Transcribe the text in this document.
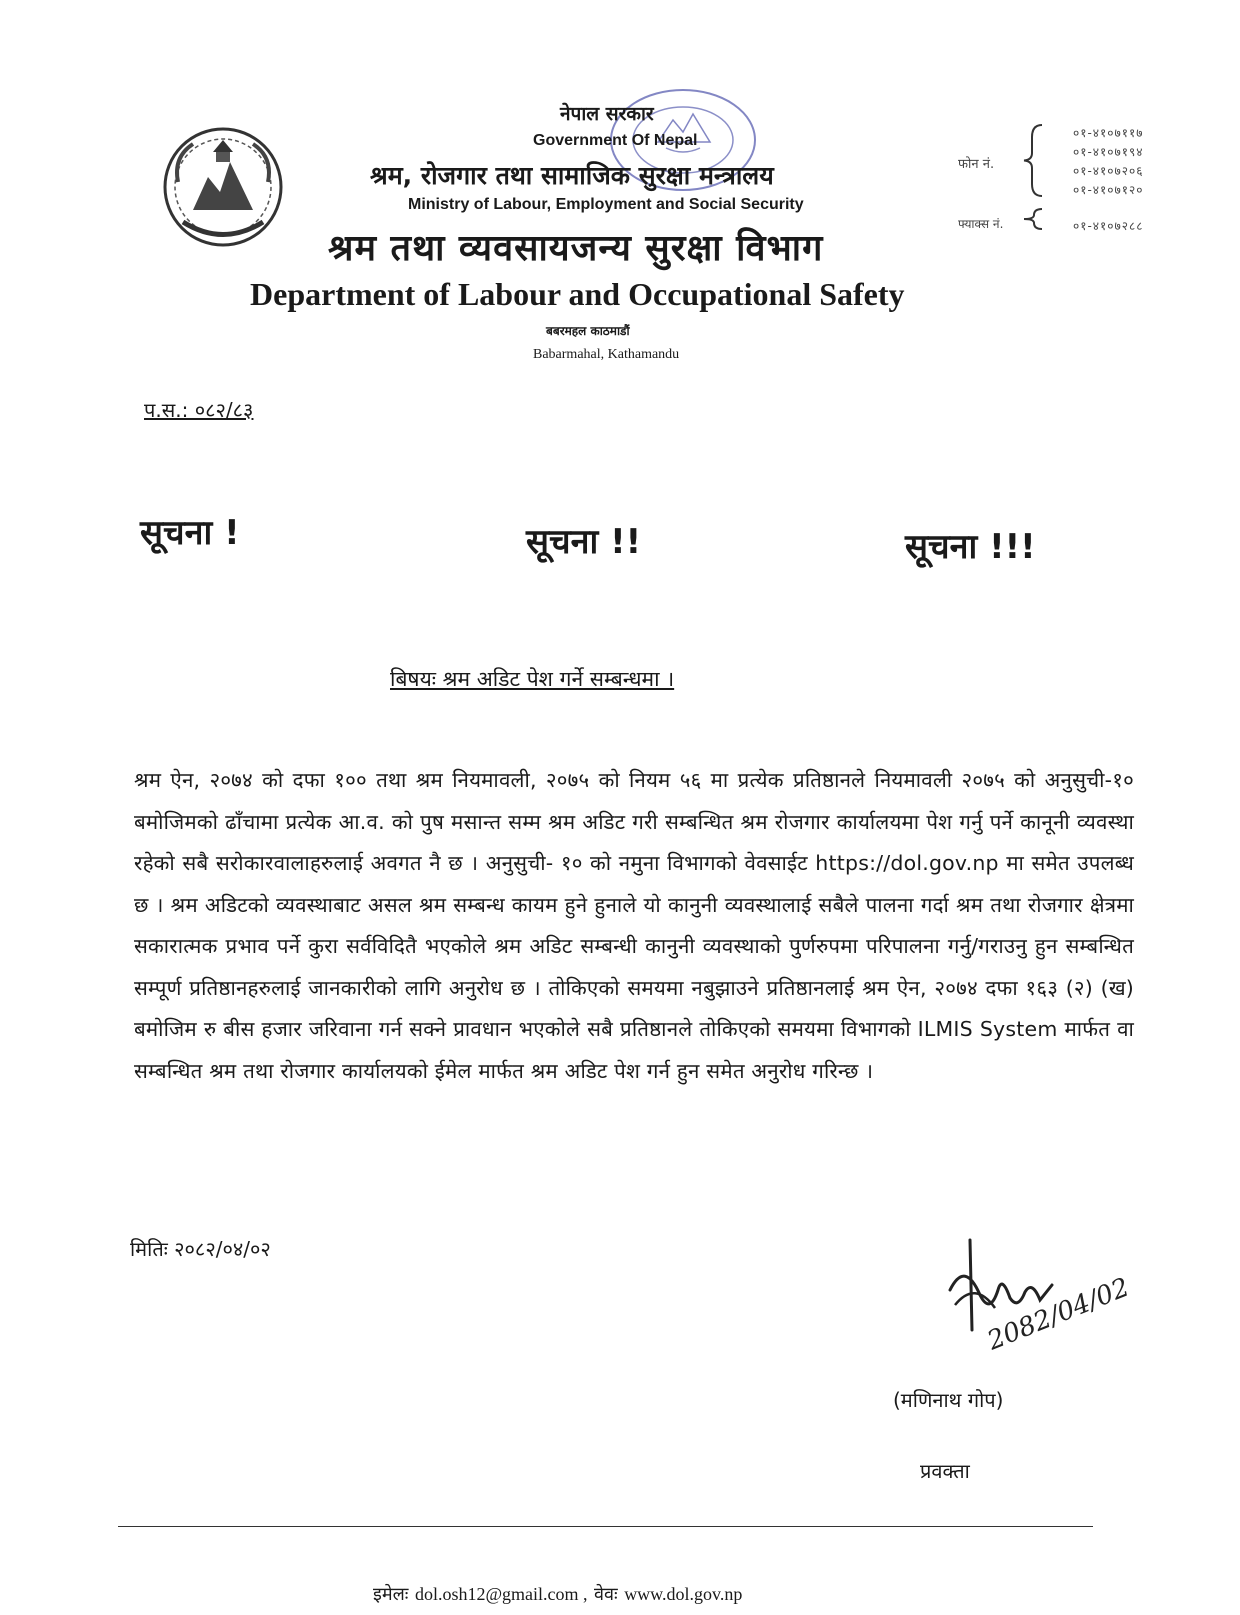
नेपाल सरकार
Government Of Nepal
श्रम, रोजगार तथा सामाजिक सुरक्षा मन्त्रालय
Ministry of Labour, Employment and Social Security
श्रम तथा व्यवसायजन्य सुरक्षा विभाग
Department of Labour and Occupational Safety
बबरमहल काठमाडौं
Babarmahal, Kathamandu
फोन नं.
०१-४१०७११७
०१-४१०७१९४
०१-४१०७२०६
०१-४१०७१२०
फ्याक्स नं.	०१-४१०७२८८
प.स.: ०८२/८३
सूचना !	सूचना !!	सूचना !!!
बिषयः श्रम अडिट पेश गर्ने सम्बन्धमा ।
श्रम ऐन, २०७४ को दफा १०० तथा श्रम नियमावली, २०७५ को नियम ५६ मा प्रत्येक प्रतिष्ठानले नियमावली २०७५ को अनुसुची-१० बमोजिमको ढाँचामा प्रत्येक आ.व. को पुष मसान्त सम्म श्रम अडिट गरी सम्बन्धित श्रम रोजगार कार्यालयमा पेश गर्नु पर्ने कानूनी व्यवस्था रहेको सबै सरोकारवालाहरुलाई अवगत नै छ । अनुसुची- १० को नमुना विभागको वेवसाईट https://dol.gov.np मा समेत उपलब्ध छ । श्रम अडिटको व्यवस्थाबाट असल श्रम सम्बन्ध कायम हुने हुनाले यो कानुनी व्यवस्थालाई सबैले पालना गर्दा श्रम तथा रोजगार क्षेत्रमा सकारात्मक प्रभाव पर्ने कुरा सर्वविदितै भएकोले श्रम अडिट सम्बन्धी कानुनी व्यवस्थाको पुर्णरुपमा परिपालना गर्नु/गराउनु हुन सम्बन्धित सम्पूर्ण प्रतिष्ठानहरुलाई जानकारीको लागि अनुरोध छ । तोकिएको समयमा नबुझाउने प्रतिष्ठानलाई श्रम ऐन, २०७४ दफा १६३ (२) (ख) बमोजिम रु बीस हजार जरिवाना गर्न सक्ने प्रावधान भएकोले सबै प्रतिष्ठानले तोकिएको समयमा विभागको ILMIS System मार्फत वा सम्बन्धित श्रम तथा रोजगार कार्यालयको ईमेल मार्फत श्रम अडिट पेश गर्न हुन समेत अनुरोध गरिन्छ ।
मितिः २०८२/०४/०२
2082/04/02
(मणिनाथ गोप)
प्रवक्ता
इमेलः dol.osh12@gmail.com , वेवः www.dol.gov.np
